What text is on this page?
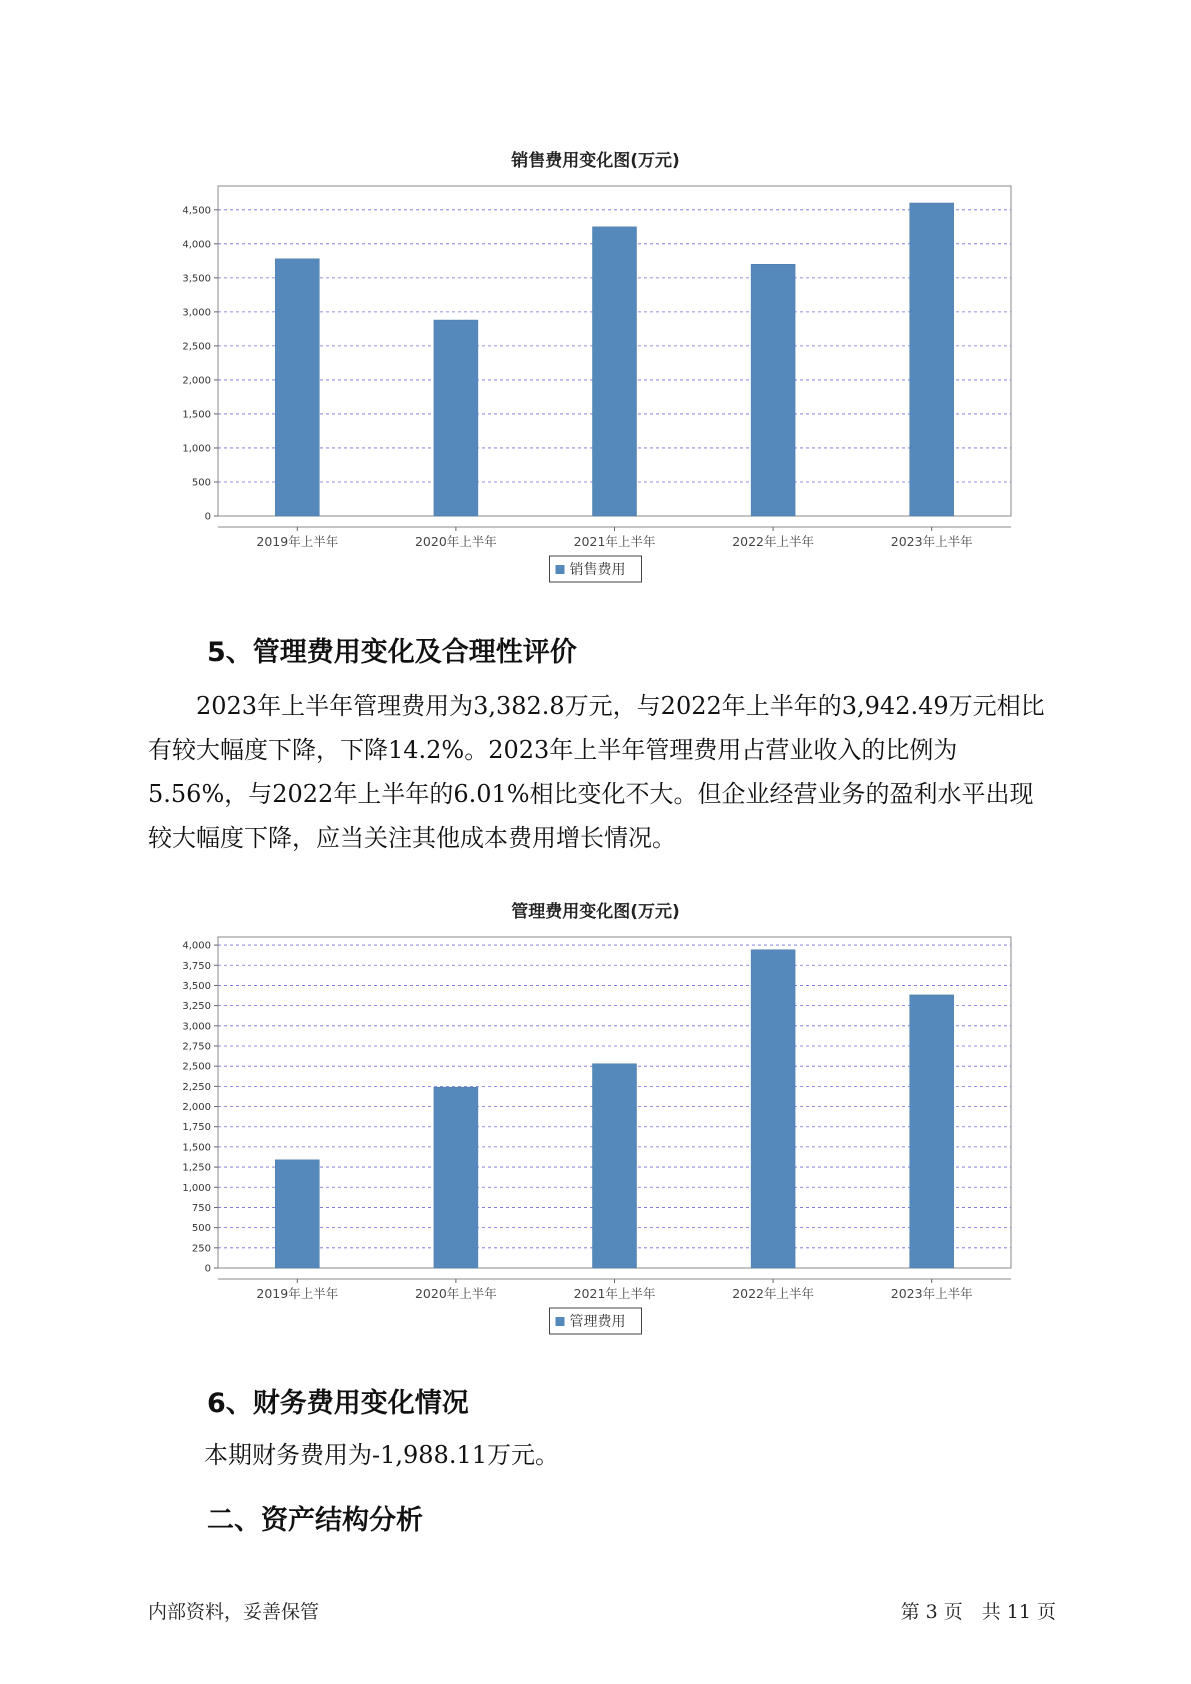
销售费用变化图(万元)
0
500
1,000
1,500
2,000
2,500
3,000
3,500
4,000
4,500
2019年上半年	2020年上半年	2021年上半年	2022年上半年	2023年上半年
销售费用
5、管理费用变化及合理性评价

2023年上半年管理费用为3,382.8万元，与2022年上半年的3,942.49万元相比有较大幅度下降，下降14.2%。2023年上半年管理费用占营业收入的比例为5.56%，与2022年上半年的6.01%相比变化不大。但企业经营业务的盈利水平出现较大幅度下降，应当关注其他成本费用增长情况。

管理费用变化图(万元)
0
250
500
750
1,000
1,250
1,500
1,750
2,000
2,250
2,500
2,750
3,000
3,250
3,500
3,750
4,000
2019年上半年	2020年上半年	2021年上半年	2022年上半年	2023年上半年
管理费用
6、财务费用变化情况

本期财务费用为-1,988.11万元。

二、资产结构分析
内部资料，妥善保管	第 3 页　共 11 页
